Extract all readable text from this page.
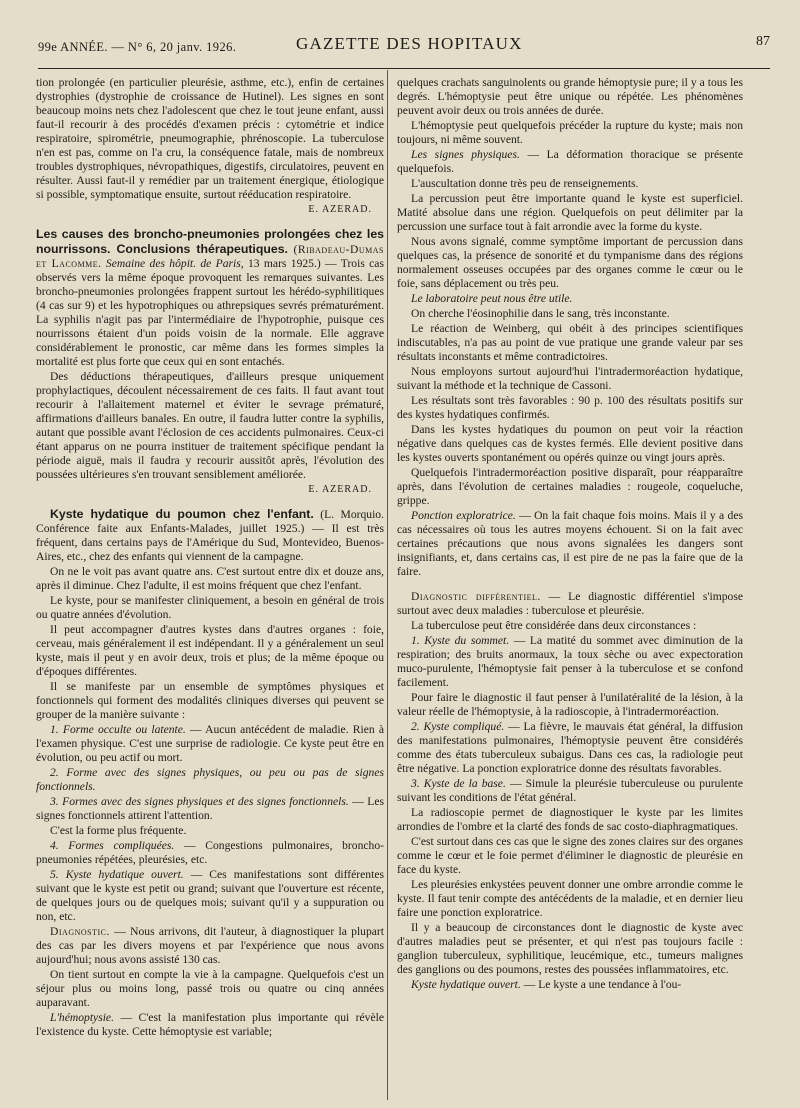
99e ANNÉE. — N° 6, 20 janv. 1926.	GAZETTE DES HOPITAUX	87

tion prolongée (en particulier pleurésie, asthme, etc.), enfin de certaines dystrophies (dystrophie de croissance de Hutinel). Les signes en sont beaucoup moins nets chez l'adolescent que chez le tout jeune enfant, aussi faut-il recourir à des procédés d'examen précis : cytométrie et indice respiratoire, spirométrie, pneumographie, phrénoscopie. La tuberculose n'en est pas, comme on l'a cru, la conséquence fatale, mais de nombreux troubles dystrophiques, névropathiques, digestifs, circulatoires, peuvent en résulter. Aussi faut-il y remédier par un traitement énergique, étiologique si possible, symptomatique ensuite, surtout rééducation respiratoire.

E. AZERAD.

Les causes des broncho-pneumonies prolongées chez les nourrissons. Conclusions thérapeutiques. (Ribadeau-Dumas et Lacomme. Semaine des hôpit. de Paris, 13 mars 1925.) — Trois cas observés vers la même époque provoquent les remarques suivantes. Les broncho-pneumonies prolongées frappent surtout les hérédo-syphilitiques (4 cas sur 9) et les hypotrophiques ou athrepsiques sevrés prématurément. La syphilis n'agit pas par l'intermédiaire de l'hypotrophie, puisque ces nourrissons étaient d'un poids voisin de la normale. Elle aggrave considérablement le pronostic, car même dans les formes simples la mortalité est plus forte que ceux qui en sont entachés.

Des déductions thérapeutiques, d'ailleurs presque uniquement prophylactiques, découlent nécessairement de ces faits. Il faut avant tout recourir à l'allaitement maternel et éviter le sevrage prématuré, affirmations d'ailleurs banales. En outre, il faudra lutter contre la syphilis, autant que possible avant l'éclosion de ces accidents pulmonaires. Ceux-ci étant apparus on ne pourra instituer de traitement spécifique pendant la période aiguë, mais il faudra y recourir aussitôt après, l'évolution des poussées ultérieures s'en trouvant sensiblement améliorée.

E. AZERAD.

Kyste hydatique du poumon chez l'enfant. (L. Morquio. Conférence faite aux Enfants-Malades, juillet 1925.) — Il est très fréquent, dans certains pays de l'Amérique du Sud, Montevideo, Buenos-Aires, etc., chez des enfants qui viennent de la campagne.

On ne le voit pas avant quatre ans. C'est surtout entre dix et douze ans, après il diminue. Chez l'adulte, il est moins fréquent que chez l'enfant.

Le kyste, pour se manifester cliniquement, a besoin en général de trois ou quatre années d'évolution.

Il peut accompagner d'autres kystes dans d'autres organes : foie, cerveau, mais généralement il est indépendant. Il y a généralement un seul kyste, mais il peut y en avoir deux, trois et plus; de la même époque ou d'époques différentes.

Il se manifeste par un ensemble de symptômes physiques et fonctionnels qui forment des modalités cliniques diverses qui peuvent se grouper de la manière suivante :

1. Forme occulte ou latente. — Aucun antécédent de maladie. Rien à l'examen physique. C'est une surprise de radiologie. Ce kyste peut être en évolution, ou peu actif ou mort.

2. Forme avec des signes physiques, ou peu ou pas de signes fonctionnels.

3. Formes avec des signes physiques et des signes fonctionnels. — Les signes fonctionnels attirent l'attention.

C'est la forme plus fréquente.

4. Formes compliquées. — Congestions pulmonaires, broncho-pneumonies répétées, pleurésies, etc.

5. Kyste hydatique ouvert. — Ces manifestations sont différentes suivant que le kyste est petit ou grand; suivant que l'ouverture est récente, de quelques jours ou de quelques mois; suivant qu'il y a suppuration ou non, etc.

Diagnostic. — Nous arrivons, dit l'auteur, à diagnostiquer la plupart des cas par les divers moyens et par l'expérience que nous avons aujourd'hui; nous avons assisté 130 cas.

On tient surtout en compte la vie à la campagne. Quelquefois c'est un séjour plus ou moins long, passé trois ou quatre ou cinq années auparavant.

L'hémoptysie. — C'est la manifestation plus importante qui révèle l'existence du kyste. Cette hémoptysie est variable;

quelques crachats sanguinolents ou grande hémoptysie pure; il y a tous les degrés. L'hémoptysie peut être unique ou répétée. Les phénomènes peuvent avoir deux ou trois années de durée.

L'hémoptysie peut quelquefois précéder la rupture du kyste; mais non toujours, ni même souvent.

Les signes physiques. — La déformation thoracique se présente quelquefois.

L'auscultation donne très peu de renseignements.

La percussion peut être importante quand le kyste est superficiel. Matité absolue dans une région. Quelquefois on peut délimiter par la percussion une surface tout à fait arrondie avec la forme du kyste.

Nous avons signalé, comme symptôme important de percussion dans quelques cas, la présence de sonorité et du tympanisme dans des régions normalement osseuses occupées par des organes comme le cœur ou le foie, sans déplacement ou très peu.

Le laboratoire peut nous être utile.

On cherche l'éosinophilie dans le sang, très inconstante.

Le réaction de Weinberg, qui obéit à des principes scientifiques indiscutables, n'a pas au point de vue pratique une grande valeur par ses résultats inconstants et même contradictoires.

Nous employons surtout aujourd'hui l'intradermoréaction hydatique, suivant la méthode et la technique de Cassoni.

Les résultats sont très favorables : 90 p. 100 des résultats positifs sur des kystes hydatiques confirmés.

Dans les kystes hydatiques du poumon on peut voir la réaction négative dans quelques cas de kystes fermés. Elle devient positive dans les kystes ouverts spontanément ou opérés quinze ou vingt jours après.

Quelquefois l'intradermoréaction positive disparaît, pour réapparaître après, dans l'évolution de certaines maladies : rougeole, coqueluche, grippe.

Ponction exploratrice. — On la fait chaque fois moins. Mais il y a des cas nécessaires où tous les autres moyens échouent. Si on la fait avec certaines précautions que nous avons signalées les dangers sont insignifiants, et, dans certains cas, il est pire de ne pas la faire que de la faire.

Diagnostic différentiel. — Le diagnostic différentiel s'impose surtout avec deux maladies : tuberculose et pleurésie.

La tuberculose peut être considérée dans deux circonstances :

1. Kyste du sommet. — La matité du sommet avec diminution de la respiration; des bruits anormaux, la toux sèche ou avec expectoration muco-purulente, l'hémoptysie fait penser à la tuberculose et se confond facilement.

Pour faire le diagnostic il faut penser à l'unilatéralité de la lésion, à la valeur réelle de l'hémoptysie, à la radioscopie, à l'intradermoréaction.

2. Kyste compliqué. — La fièvre, le mauvais état général, la diffusion des manifestations pulmonaires, l'hémoptysie peuvent être considérés comme des états tuberculeux subaigus. Dans ces cas, la radiologie peut être négative. La ponction exploratrice donne des résultats favorables.

3. Kyste de la base. — Simule la pleurésie tuberculeuse ou purulente suivant les conditions de l'état général.

La radioscopie permet de diagnostiquer le kyste par les limites arrondies de l'ombre et la clarté des fonds de sac costo-diaphragmatiques.

C'est surtout dans ces cas que le signe des zones claires sur des organes comme le cœur et le foie permet d'éliminer le diagnostic de pleurésie en face du kyste.

Les pleurésies enkystées peuvent donner une ombre arrondie comme le kyste. Il faut tenir compte des antécédents de la maladie, et en dernier lieu faire une ponction exploratrice.

Il y a beaucoup de circonstances dont le diagnostic de kyste avec d'autres maladies peut se présenter, et qui n'est pas toujours facile : ganglion tuberculeux, syphilitique, leucémique, etc., tumeurs malignes des ganglions ou des poumons, restes des poussées inflammatoires, etc.

Kyste hydatique ouvert. — Le kyste a une tendance à l'ou-
